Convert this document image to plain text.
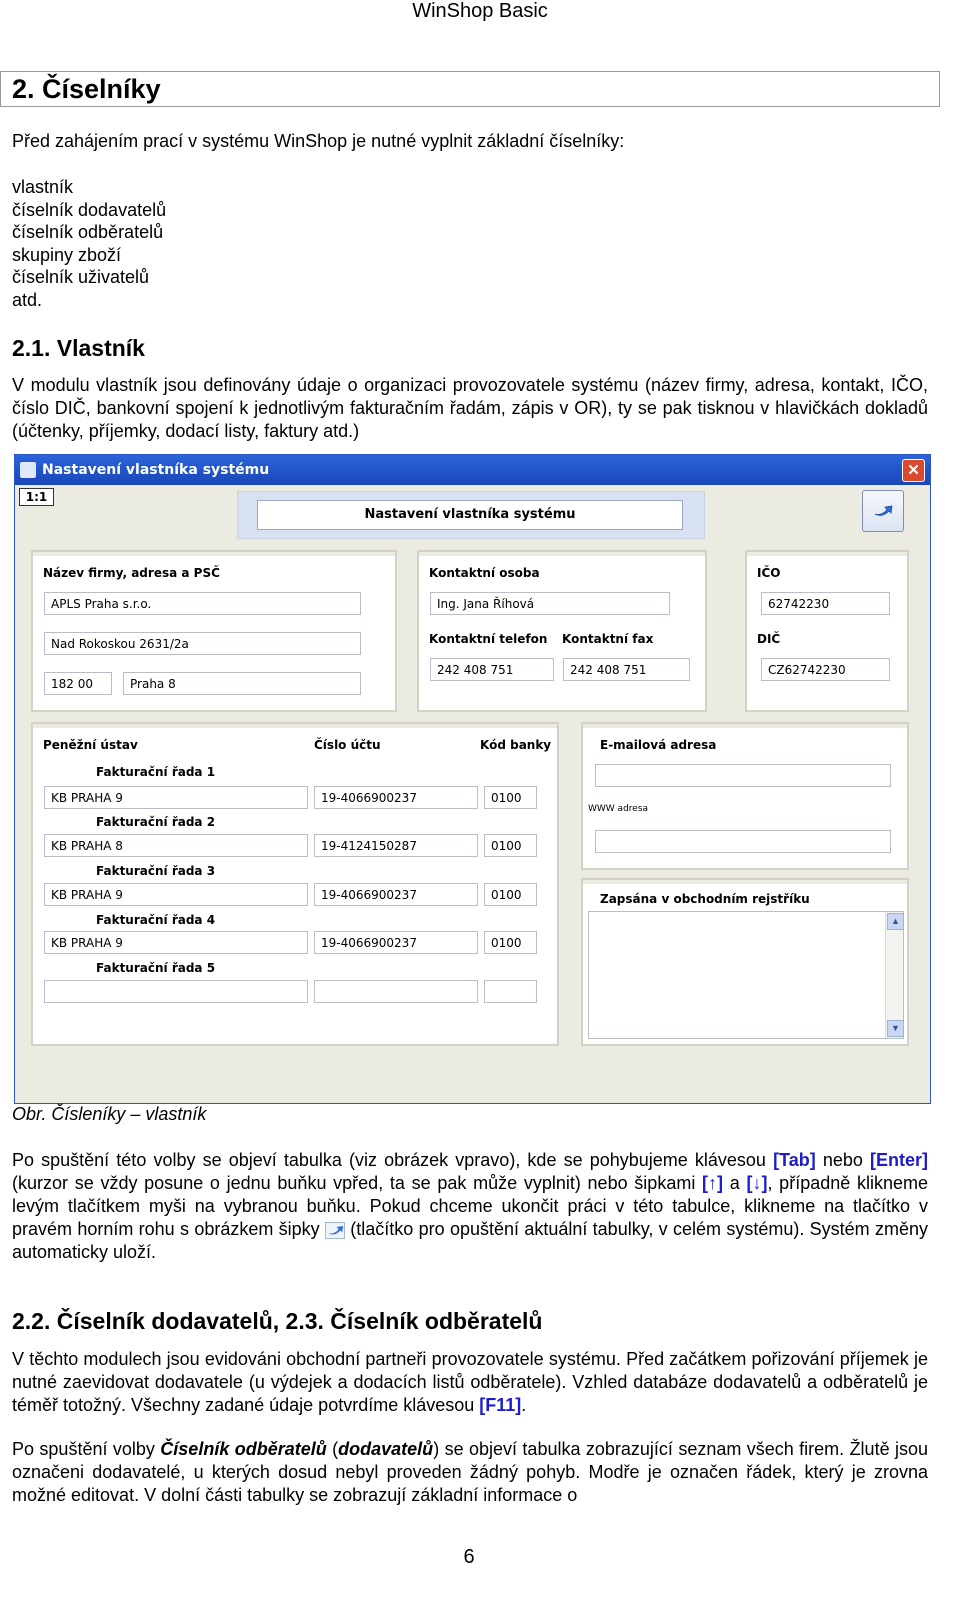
WinShop Basic
2. Číselníky
Před zahájením prací v systému WinShop je nutné vyplnit základní číselníky:
vlastník
číselník dodavatelů
číselník odběratelů
skupiny zboží
číselník uživatelů
atd.
2.1. Vlastník
V modulu vlastník jsou definovány údaje o organizaci provozovatele systému (název firmy, adresa, kontakt, IČO, číslo DIČ, bankovní spojení k jednotlivým fakturačním řadám, zápis v OR), ty se pak tisknou v hlavičkách dokladů (účtenky, příjemky, dodací listy, faktury atd.)
Nastavení vlastníka systému	✕
1:1
Nastavení vlastníka systému
Název firmy, adresa a PSČ
APLS Praha s.r.o.
Nad Rokoskou 2631/2a
182 00	Praha 8
Kontaktní osoba
Ing. Jana Říhová
Kontaktní telefon Kontaktní fax
242 408 751	242 408 751
IČO
62742230
DIČ
CZ62742230
Peněžní ústav	Číslo účtu	Kód banky
Fakturační řada 1
KB PRAHA 9	19-4066900237	0100
Fakturační řada 2
KB PRAHA 8	19-4124150287	0100
Fakturační řada 3
KB PRAHA 9	19-4066900237	0100
Fakturační řada 4
KB PRAHA 9	19-4066900237	0100
Fakturační řada 5
E-mailová adresa
WWW adresa
Zapsána v obchodním rejstříku
▲
▼
Obr. Čísleníky – vlastník
Po spuštění této volby se objeví tabulka (viz obrázek vpravo), kde se pohybujeme klávesou [Tab] nebo [Enter] (kurzor se vždy posune o jednu buňku vpřed, ta se pak může vyplnit) nebo šipkami [↑] a [↓], případně klikneme levým tlačítkem myši na vybranou buňku. Pokud chceme ukončit práci v této tabulce, klikneme na tlačítko v pravém horním rohu s obrázkem šipky
(tlačítko pro opuštění aktuální tabulky, v celém systému). Systém změny automaticky uloží.
2.2. Číselník dodavatelů, 2.3. Číselník odběratelů
V těchto modulech jsou evidováni obchodní partneři provozovatele systému. Před začátkem pořizování příjemek je nutné zaevidovat dodavatele (u výdejek a dodacích listů odběratele). Vzhled databáze dodavatelů a odběratelů je téměř totožný. Všechny zadané údaje potvrdíme klávesou [F11].
Po spuštění volby Číselník odběratelů (dodavatelů) se objeví tabulka zobrazující seznam všech firem. Žlutě jsou označeni dodavatelé, u kterých dosud nebyl proveden žádný pohyb. Modře je označen řádek, který je zrovna možné editovat. V dolní části tabulky se zobrazují základní informace o
6
